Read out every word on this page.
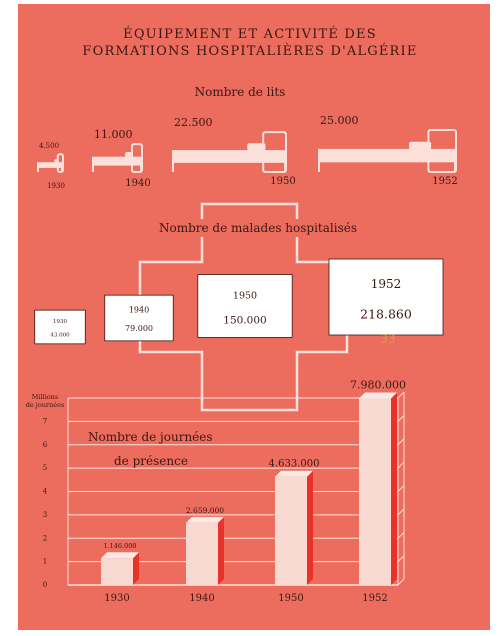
ÉQUIPEMENT ET ACTIVITÉ DES
FORMATIONS HOSPITALIÈRES D'ALGÉRIE
Nombre de lits
4.500
1930
11.000
1940
22.500
1950
25.000
1952
Nombre de malades hospitalisés
1930
43.000
1940
79.000
1950
150.000
1952
218.860
33
Millions
de journées
0
1
2
3
4
5
6
7
1.146.000
1930
2.659.000
1940
4.633.000
1950
7.980.000
1952
Nombre de journées
de présence
